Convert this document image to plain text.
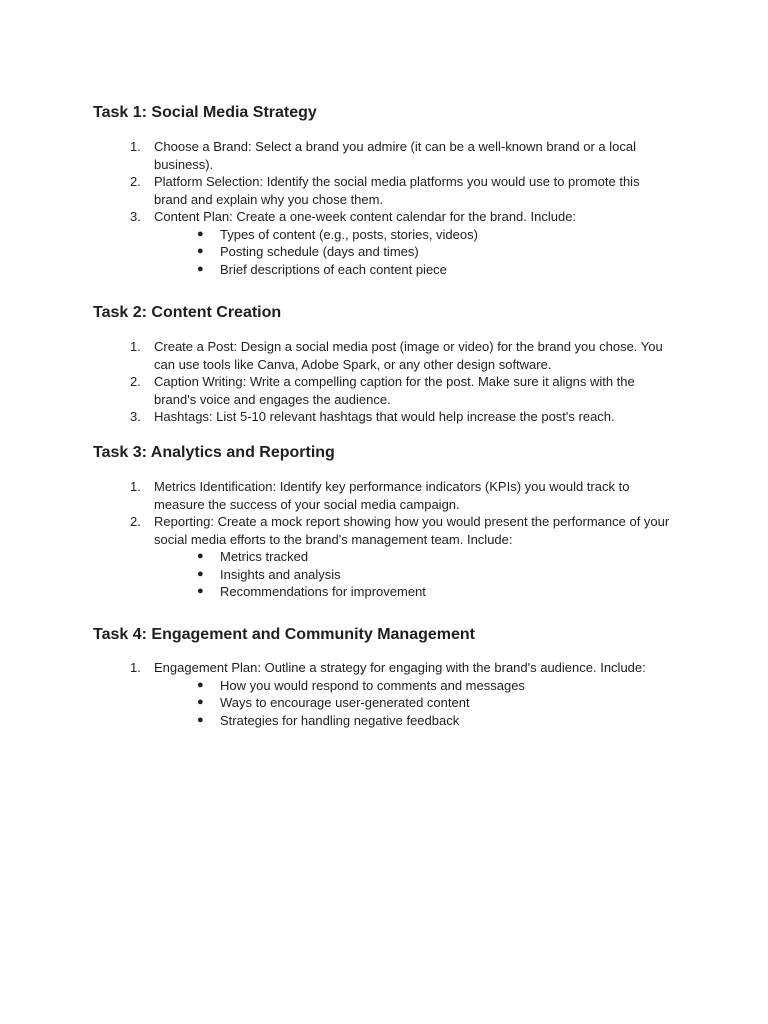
Task 1: Social Media Strategy
1.	Choose a Brand: Select a brand you admire (it can be a well-known brand or a local business).
2.	Platform Selection: Identify the social media platforms you would use to promote this brand and explain why you chose them.
3.	Content Plan: Create a one-week content calendar for the brand. Include:
●	Types of content (e.g., posts, stories, videos)
●	Posting schedule (days and times)
●	Brief descriptions of each content piece
Task 2: Content Creation
1.	Create a Post: Design a social media post (image or video) for the brand you chose. You can use tools like Canva, Adobe Spark, or any other design software.
2.	Caption Writing: Write a compelling caption for the post. Make sure it aligns with the brand's voice and engages the audience.
3.	Hashtags: List 5-10 relevant hashtags that would help increase the post's reach.
Task 3: Analytics and Reporting
1.	Metrics Identification: Identify key performance indicators (KPIs) you would track to measure the success of your social media campaign.
2.	Reporting: Create a mock report showing how you would present the performance of your social media efforts to the brand's management team. Include:
●	Metrics tracked
●	Insights and analysis
●	Recommendations for improvement
Task 4: Engagement and Community Management
1.	Engagement Plan: Outline a strategy for engaging with the brand's audience. Include:
●	How you would respond to comments and messages
●	Ways to encourage user-generated content
●	Strategies for handling negative feedback
